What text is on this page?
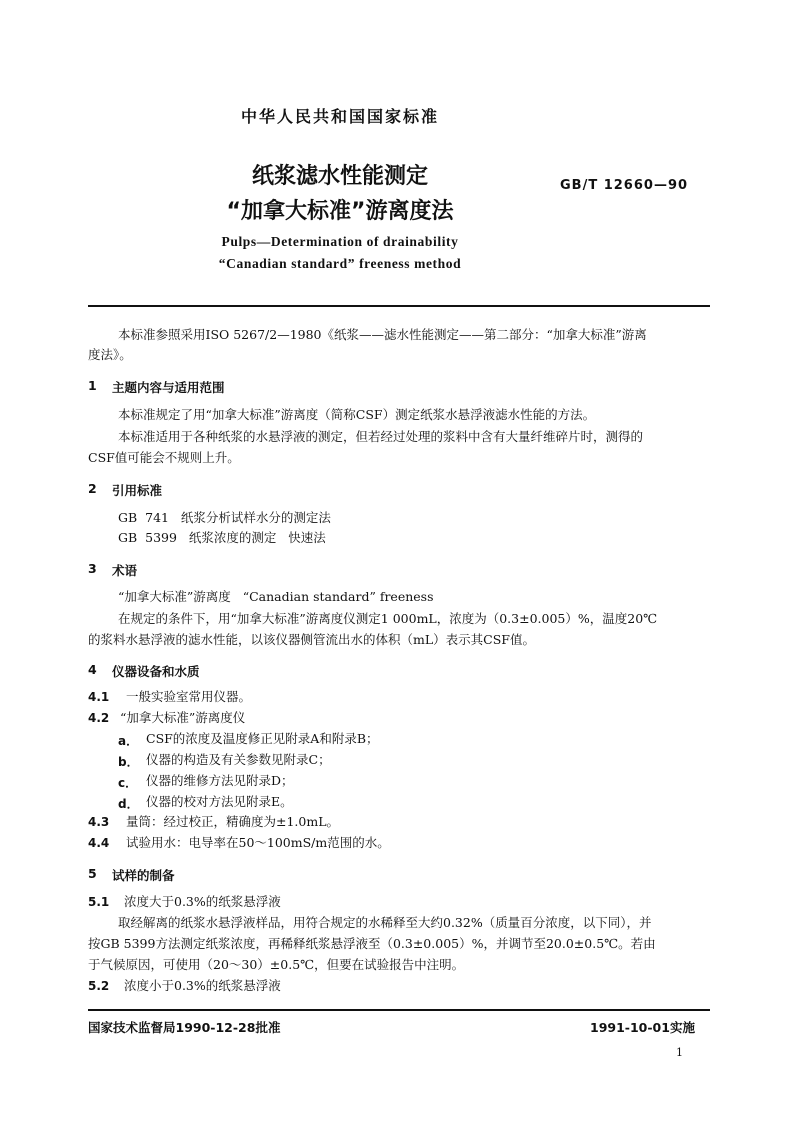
中华人民共和国国家标准
纸浆滤水性能测定
“加拿大标准”游离度法
GB/T 12660—90
Pulps—Determination of drainability
“Canadian standard” freeness method
本标准参照采用ISO 5267/2—1980《纸浆——滤水性能测定——第二部分：“加拿大标准”游离
度法》。
1 主题内容与适用范围
本标准规定了用“加拿大标准”游离度（简称CSF）测定纸浆水悬浮液滤水性能的方法。
本标准适用于各种纸浆的水悬浮液的测定，但若经过处理的浆料中含有大量纤维碎片时，测得的
CSF值可能会不规则上升。
2 引用标准
GB  741   纸浆分析试样水分的测定法
GB  5399   纸浆浓度的测定   快速法
3 术语
“加拿大标准”游离度   “Canadian standard” freeness
在规定的条件下，用“加拿大标准”游离度仪测定1 000mL，浓度为（0.3±0.005）%，温度20℃
的浆料水悬浮液的滤水性能，以该仪器侧管流出水的体积（mL）表示其CSF值。
4 仪器设备和水质
4.1 一般实验室常用仪器。
4.2 “加拿大标准”游离度仪
a． CSF的浓度及温度修正见附录A和附录B；
b． 仪器的构造及有关参数见附录C；
c． 仪器的维修方法见附录D；
d． 仪器的校对方法见附录E。
4.3 量筒：经过校正，精确度为±1.0mL。
4.4 试验用水：电导率在50～100mS/m范围的水。
5 试样的制备
5.1 浓度大于0.3%的纸浆悬浮液
取经解离的纸浆水悬浮液样品，用符合规定的水稀释至大约0.32%（质量百分浓度，以下同），并
按GB 5399方法测定纸浆浓度，再稀释纸浆悬浮液至（0.3±0.005）%，并调节至20.0±0.5℃。若由
于气候原因，可使用（20～30）±0.5℃，但要在试验报告中注明。
5.2 浓度小于0.3%的纸浆悬浮液
国家技术监督局1990-12-28批准	1991-10-01实施
1
